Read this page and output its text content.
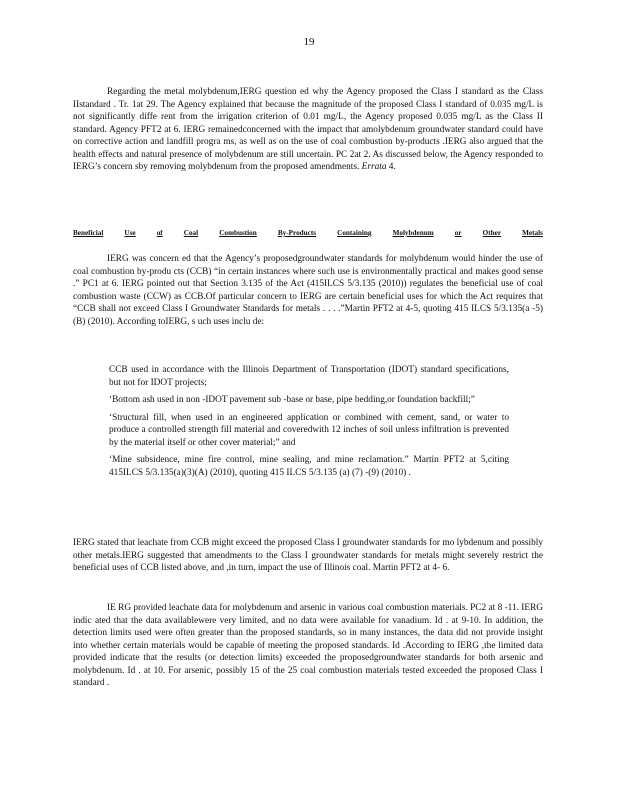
19

Regarding the metal molybdenum,IERG question ed why the Agency proposed the Class I standard as the Class IIstandard . Tr. 1at 29. The Agency explained that because the magnitude of the proposed Class I standard of 0.035 mg/L is not significantly diffe rent from the irrigation criterion of 0.01 mg/L, the Agency proposed 0.035 mg/L as the Class II standard. Agency PFT2 at 6. IERG remainedconcerned with the impact that amolybdenum groundwater standard could have on corrective action and landfill progra ms, as well as on the use of coal combustion by-products .IERG also argued that the health effects and natural presence of molybdenum are still uncertain. PC 2at 2. As discussed below, the Agency responded to IERG’s concern sby removing molybdenum from the proposed amendments. Errata 4.

Beneficial	Use	of	Coal	Combustion	By-Products	Containing	Molybdenum	or	Other	Metals

IERG was concern ed that the Agency’s proposedgroundwater standards for molybdenum would hinder the use of coal combustion by-produ cts (CCB) “in certain instances where such use is environmentally practical and makes good sense .” PC1 at 6. IERG pointed out that Section 3.135 of the Act (415ILCS 5/3.135 (2010)) regulates the beneficial use of coal combustion waste (CCW) as CCB.Of particular concern to IERG are certain beneficial uses for which the Act requires that “CCB shall not exceed Class I Groundwater Standards for metals . . . .”Martin PFT2 at 4-5, quoting 415 ILCS 5/3.135(a -5)(B) (2010). According toIERG, s uch uses inclu de:

CCB used in accordance with the Illinois Department of Transportation (IDOT) standard specifications, but not for IDOT projects;
‘Bottom ash used in non -IDOT pavement sub -base or base, pipe bedding,or foundation backfill;”
‘Structural fill, when used in an engineered application or combined with cement, sand, or water to produce a controlled strength fill material and coveredwith 12 inches of soil unless infiltration is prevented by the material itself or other cover material;” and
‘Mine subsidence, mine fire control, mine sealing, and mine reclamation.” Martin PFT2 at 5,citing 415ILCS 5/3.135(a)(3)(A) (2010), quoting 415 ILCS 5/3.135 (a) (7) -(9) (2010) .

IERG stated that leachate from CCB might exceed the proposed Class I groundwater standards for mo lybdenum and possibly other metals.IERG suggested that amendments to the Class I groundwater standards for metals might severely restrict the beneficial uses of CCB listed above, and ,in turn, impact the use of Illinois coal. Martin PFT2 at 4- 6.

IE RG provided leachate data for molybdenum and arsenic in various coal combustion materials. PC2 at 8 -11. IERG indic ated that the data availablewere very limited, and no data were available for vanadium. Id . at 9-10. In addition, the detection limits used were often greater than the proposed standards, so in many instances, the data did not provide insight into whether certain materials would be capable of meeting the proposed standards. Id .According to IERG ,the limited data provided indicate that the results (or detection limits) exceeded the proposedgroundwater standards for both arsenic and molybdenum. Id . at 10. For arsenic, possibly 15 of the 25 coal combustion materials tested exceeded the proposed Class I standard .
